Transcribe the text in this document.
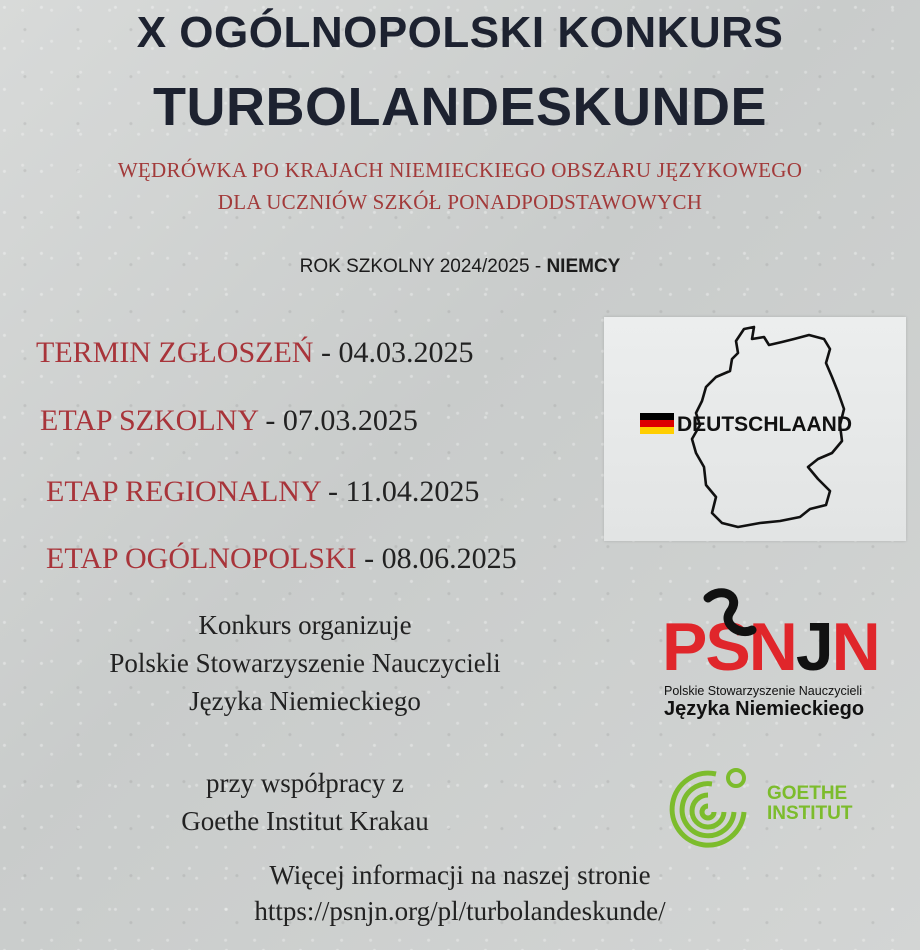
X OGÓLNOPOLSKI KONKURS
TURBOLANDESKUNDE
WĘDRÓWKA PO KRAJACH NIEMIECKIEGO OBSZARU JĘZYKOWEGO
DLA UCZNIÓW SZKÓŁ PONADPODSTAWOWYCH
ROK SZKOLNY 2024/2025 - NIEMCY
TERMIN ZGŁOSZEŃ - 04.03.2025
ETAP SZKOLNY - 07.03.2025
ETAP REGIONALNY - 11.04.2025
ETAP OGÓLNOPOLSKI - 08.06.2025
DEUTSCHLAAND
Konkurs organizuje
Polskie Stowarzyszenie Nauczycieli
Języka Niemieckiego
przy współpracy z
Goethe Institut Krakau
PSNJN
Polskie Stowarzyszenie Nauczycieli
Języka Niemieckiego
GOETHE
INSTITUT
Więcej informacji na naszej stronie
https://psnjn.org/pl/turbolandeskunde/
